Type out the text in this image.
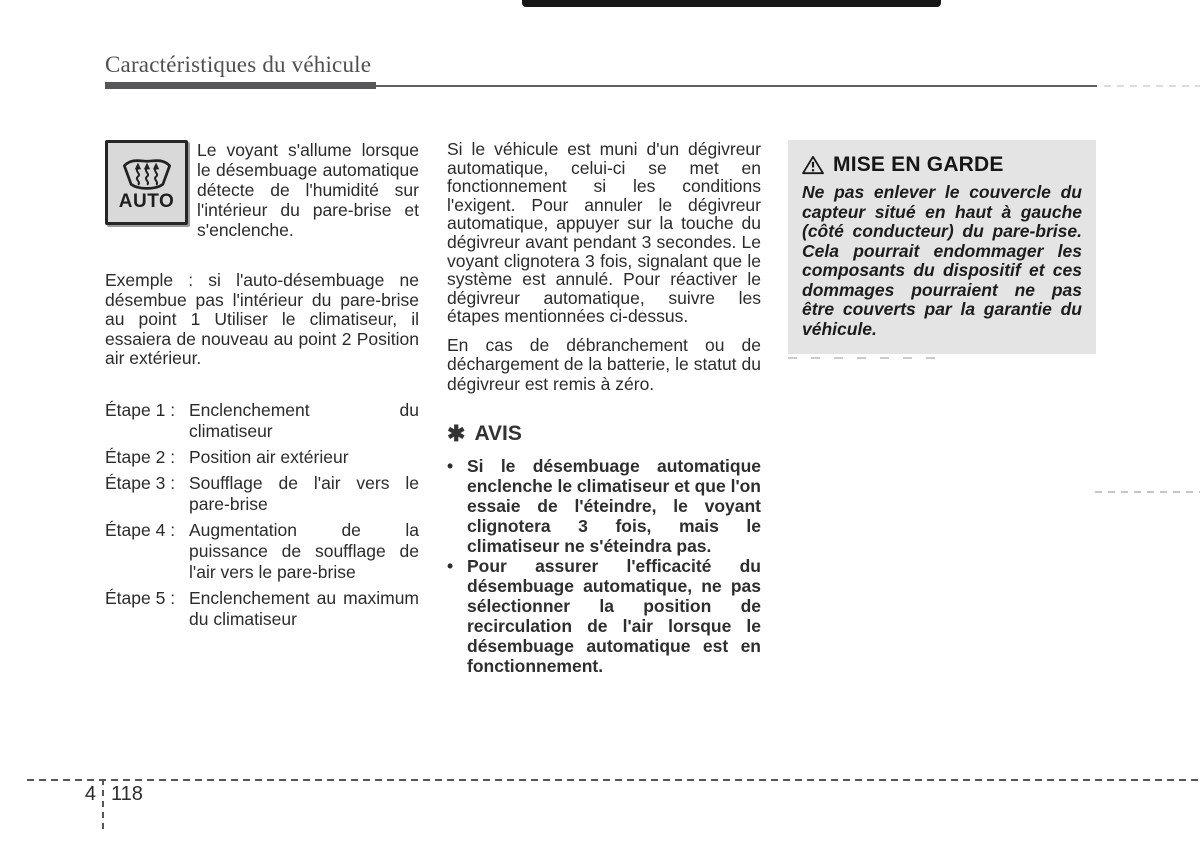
Caractéristiques du véhicule
AUTO

Le voyant s'allume lorsque le désembuage automatique détecte de l'humidité sur l'intérieur du pare-brise et s'enclenche.

Exemple : si l'auto-désembuage ne désembue pas l'intérieur du pare-brise au point 1 Utiliser le climatiseur, il essaiera de nouveau au point 2 Position air extérieur.

Étape 1 : Enclenchement du climatiseur
Étape 2 : Position air extérieur
Étape 3 : Soufflage de l'air vers le pare-brise
Étape 4 : Augmentation de la puissance de soufflage de l'air vers le pare-brise
Étape 5 : Enclenchement au maximum du climatiseur

Si le véhicule est muni d'un dégivreur automatique, celui-ci se met en fonctionnement si les conditions l'exigent. Pour annuler le dégivreur automatique, appuyer sur la touche du dégivreur avant pendant 3 secondes. Le voyant clignotera 3 fois, signalant que le système est annulé. Pour réactiver le dégivreur automatique, suivre les étapes mentionnées ci-dessus.

En cas de débranchement ou de déchargement de la batterie, le statut du dégivreur est remis à zéro.

✱ AVIS
• Si le désembuage automatique enclenche le climatiseur et que l'on essaie de l'éteindre, le voyant clignotera 3 fois, mais le climatiseur ne s'éteindra pas.
• Pour assurer l'efficacité du désembuage automatique, ne pas sélectionner la position de recirculation de l'air lorsque le désembuage automatique est en fonctionnement.
MISE EN GARDE

Ne pas enlever le couvercle du capteur situé en haut à gauche (côté conducteur) du pare-brise. Cela pourrait endommager les composants du dispositif et ces dommages pourraient ne pas être couverts par la garantie du véhicule.

4 118
